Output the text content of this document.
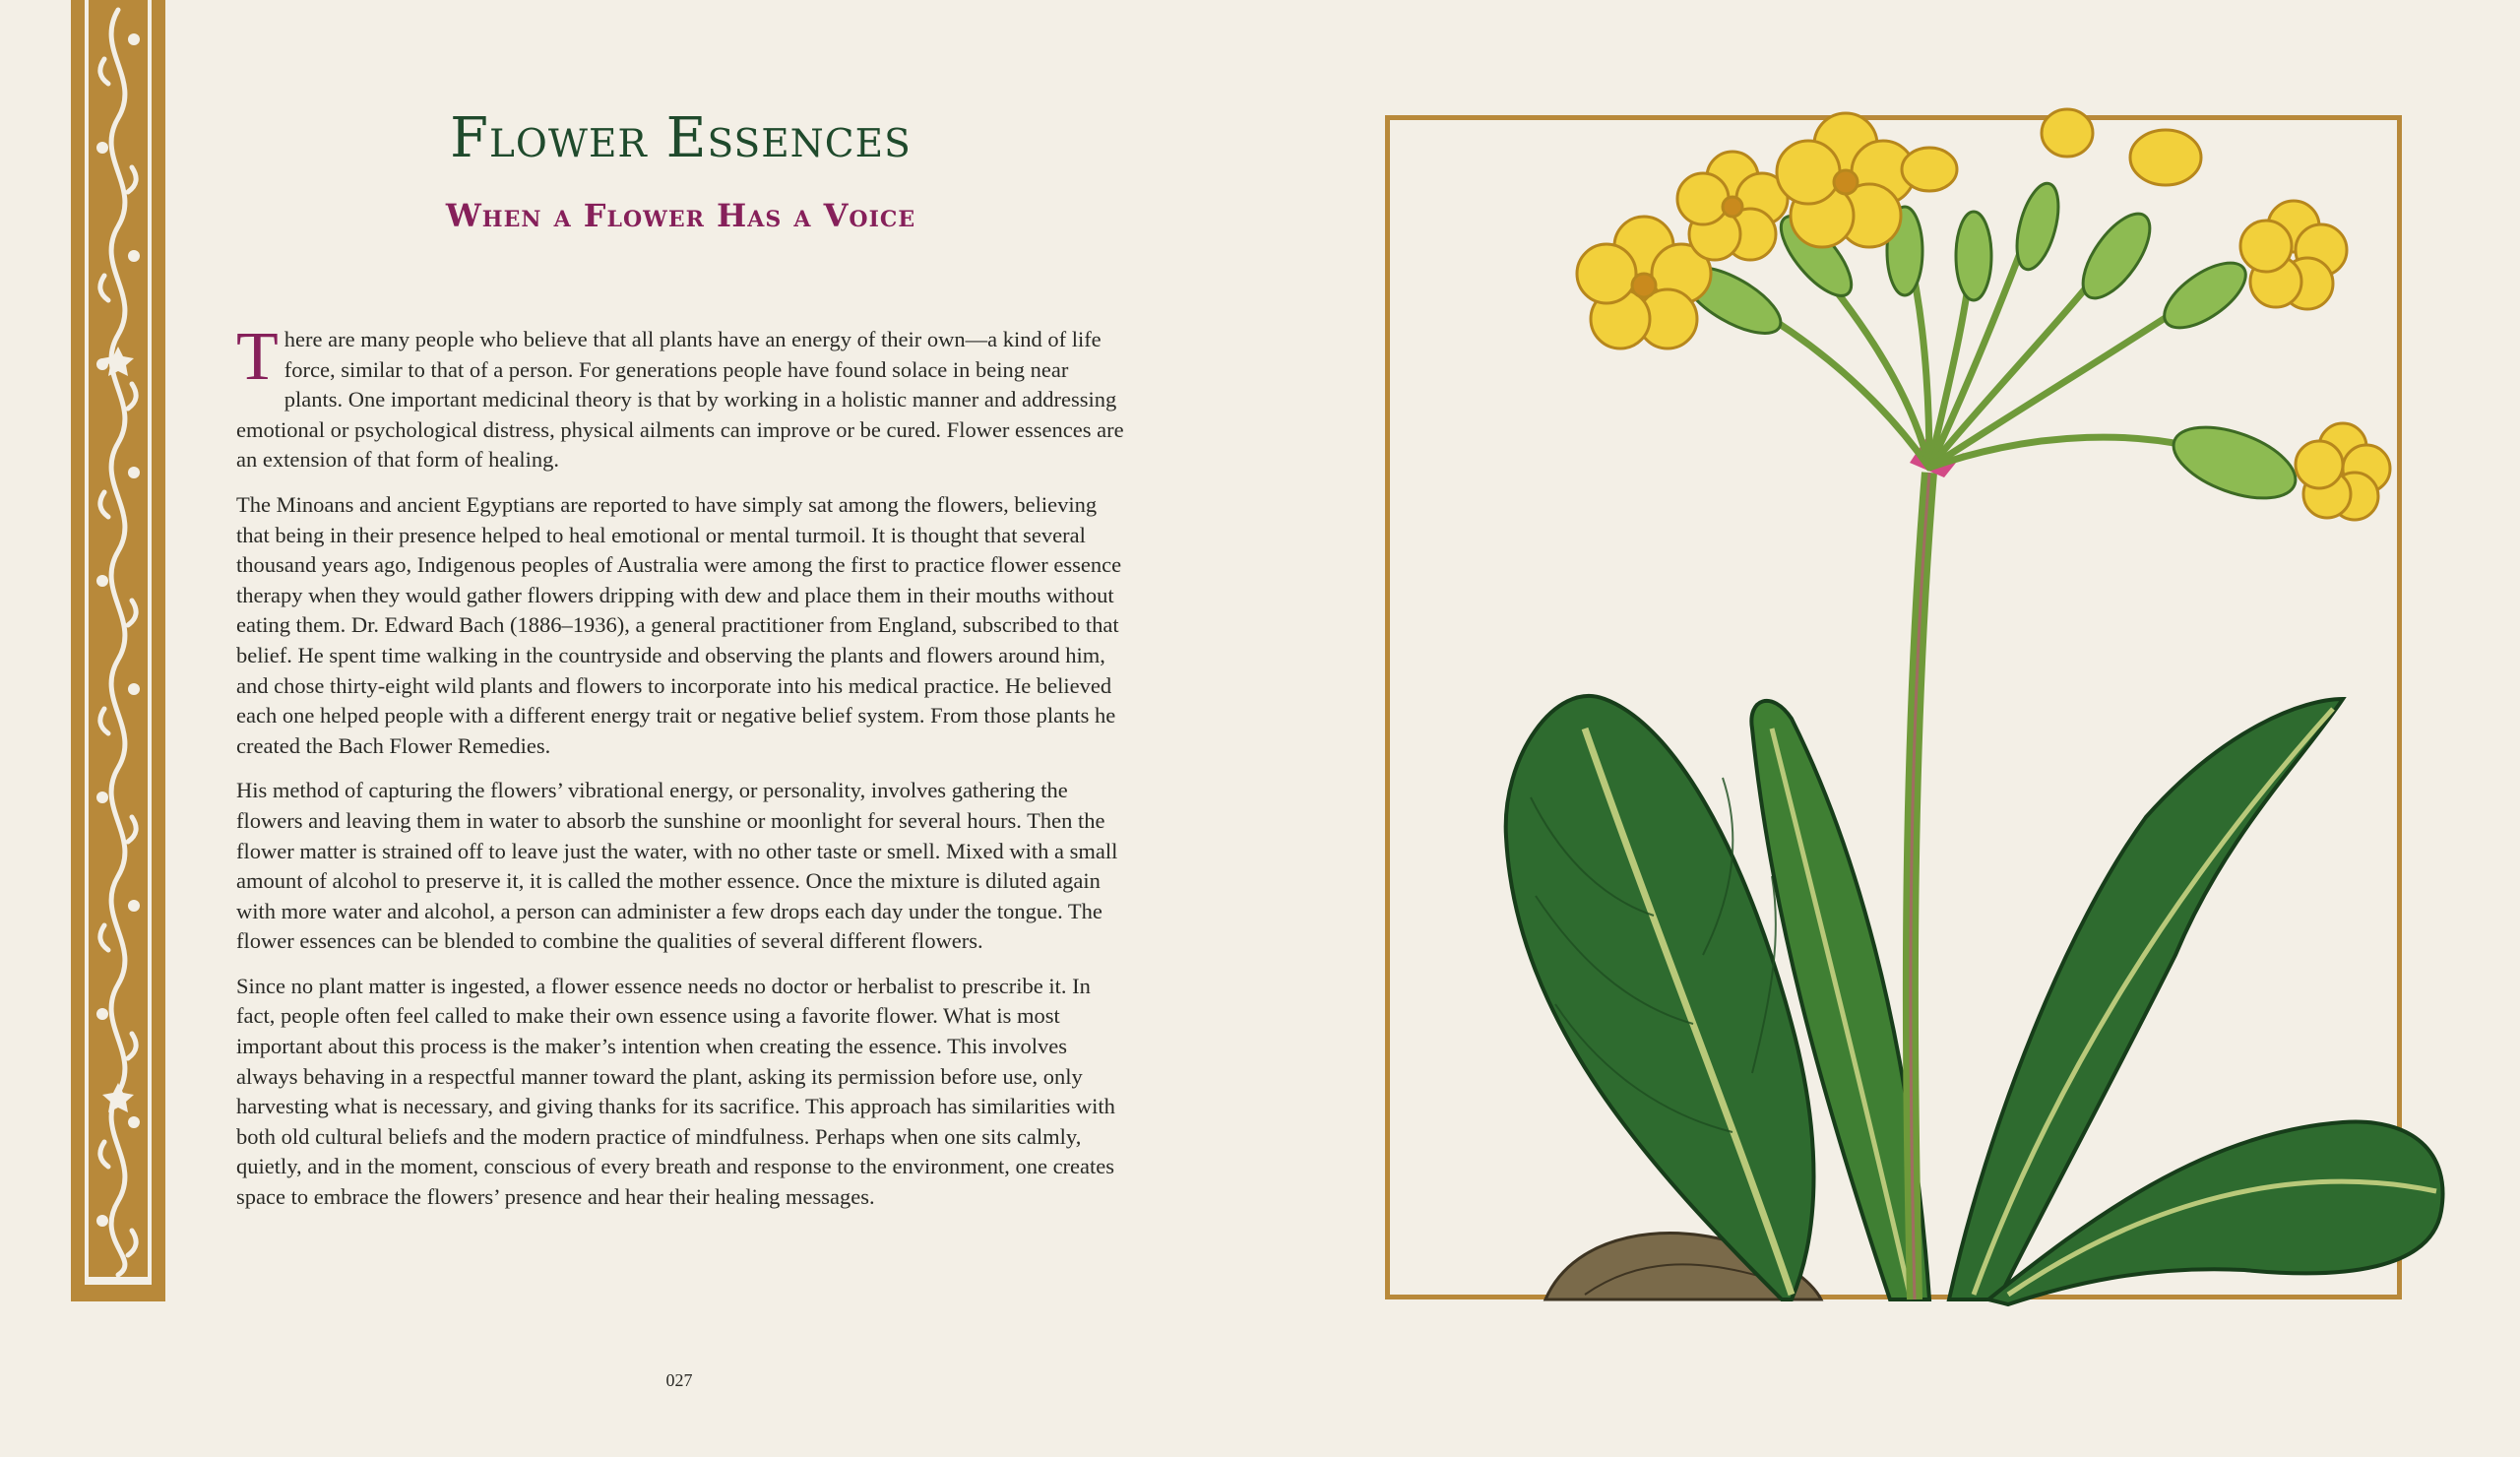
Flower Essences
When a Flower Has a Voice

There are many people who believe that all plants have an energy of their own—a kind of life force, similar to that of a person. For generations people have found solace in being near plants. One important medicinal theory is that by working in a holistic manner and addressing emotional or psychological distress, physical ailments can improve or be cured. Flower essences are an extension of that form of healing.

The Minoans and ancient Egyptians are reported to have simply sat among the flowers, believing that being in their presence helped to heal emotional or mental turmoil. It is thought that several thousand years ago, Indigenous peoples of Australia were among the first to practice flower essence therapy when they would gather flowers dripping with dew and place them in their mouths without eating them. Dr. Edward Bach (1886–1936), a general practitioner from England, subscribed to that belief. He spent time walking in the countryside and observing the plants and flowers around him, and chose thirty-eight wild plants and flowers to incorporate into his medical practice. He believed each one helped people with a different energy trait or negative belief system. From those plants he created the Bach Flower Remedies.

His method of capturing the flowers’ vibrational energy, or personality, involves gathering the flowers and leaving them in water to absorb the sunshine or moonlight for several hours. Then the flower matter is strained off to leave just the water, with no other taste or smell. Mixed with a small amount of alcohol to preserve it, it is called the mother essence. Once the mixture is diluted again with more water and alcohol, a person can administer a few drops each day under the tongue. The flower essences can be blended to combine the qualities of several different flowers.

Since no plant matter is ingested, a flower essence needs no doctor or herbalist to prescribe it. In fact, people often feel called to make their own essence using a favorite flower. What is most important about this process is the maker’s intention when creating the essence. This involves always behaving in a respectful manner toward the plant, asking its permission before use, only harvesting what is necessary, and giving thanks for its sacrifice. This approach has similarities with both old cultural beliefs and the modern practice of mindfulness. Perhaps when one sits calmly, quietly, and in the moment, conscious of every breath and response to the environment, one creates space to embrace the flowers’ presence and hear their healing messages.

027
